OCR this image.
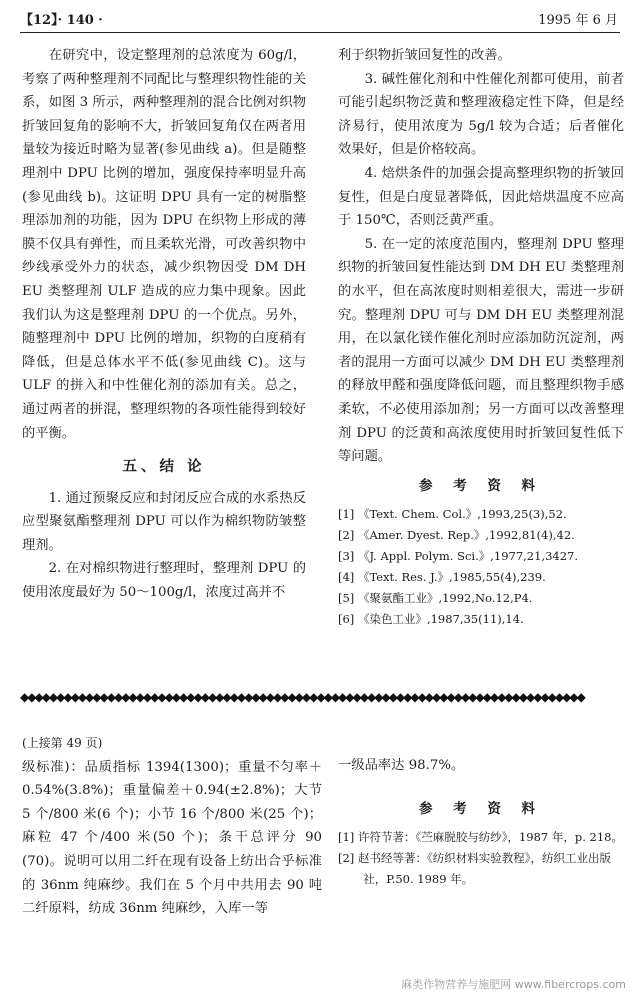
【12】· 140 ·	1995 年 6 月

在研究中，设定整理剂的总浓度为 60g/l，考察了两种整理剂不同配比与整理织物性能的关系，如图 3 所示，两种整理剂的混合比例对织物折皱回复角的影响不大，折皱回复角仅在两者用量较为接近时略为显著(参见曲线 a)。但是随整理剂中 DPU 比例的增加，强度保持率明显升高(参见曲线 b)。这证明 DPU 具有一定的树脂整理添加剂的功能，因为 DPU 在织物上形成的薄膜不仅具有弹性，而且柔软光滑，可改善织物中纱线承受外力的状态，减少织物因受 DM DH EU 类整理剂 ULF 造成的应力集中现象。因此我们认为这是整理剂 DPU 的一个优点。另外，随整理剂中 DPU 比例的增加，织物的白度稍有降低，但是总体水平不低(参见曲线 C)。这与 ULF 的拼入和中性催化剂的添加有关。总之，通过两者的拼混，整理织物的各项性能得到较好的平衡。

五、结 论

1. 通过预聚反应和封闭反应合成的水系热反应型聚氨酯整理剂 DPU 可以作为棉织物防皱整理剂。

2. 在对棉织物进行整理时，整理剂 DPU 的使用浓度最好为 50～100g/l，浓度过高并不

利于织物折皱回复性的改善。

3. 碱性催化剂和中性催化剂都可使用，前者可能引起织物泛黄和整理液稳定性下降，但是经济易行，使用浓度为 5g/l 较为合适；后者催化效果好，但是价格较高。

4. 焙烘条件的加强会提高整理织物的折皱回复性，但是白度显著降低，因此焙烘温度不应高于 150℃，否则泛黄严重。

5. 在一定的浓度范围内，整理剂 DPU 整理织物的折皱回复性能达到 DM DH EU 类整理剂的水平，但在高浓度时则相差很大，需进一步研究。整理剂 DPU 可与 DM DH EU 类整理剂混用，在以氯化镁作催化剂时应添加防沉淀剂，两者的混用一方面可以减少 DM DH EU 类整理剂的释放甲醛和强度降低问题，而且整理织物手感柔软，不必使用添加剂；另一方面可以改善整理剂 DPU 的泛黄和高浓度使用时折皱回复性低下等问题。

参 考 资 料
[1] 《Text. Chem. Col.》,1993,25(3),52.
[2] 《Amer. Dyest. Rep.》,1992,81(4),42.
[3] 《J. Appl. Polym. Sci.》,1977,21,3427.
[4] 《Text. Res. J.》,1985,55(4),239.
[5] 《聚氨酯工业》,1992,No.12,P4.
[6] 《染色工业》,1987,35(11),14.
◆◆◆◆◆◆◆◆◆◆◆◆◆◆◆◆◆◆◆◆◆◆◆◆◆◆◆◆◆◆◆◆◆◆◆◆◆◆◆◆◆◆◆◆◆◆◆◆◆◆◆◆◆◆◆◆◆◆◆◆◆◆◆◆◆◆◆◆◆◆◆◆◆◆◆◆◆◆

(上接第 49 页)

级标准)：品质指标 1394(1300)；重量不匀率＋0.54%(3.8%)；重量偏差＋0.94(±2.8%)；大节 5 个/800 米(6 个)；小节 16 个/800 米(25 个)；麻粒 47 个/400 米(50 个)；条干总评分 90 (70)。说明可以用二纤在现有设备上纺出合乎标准的 36nm 纯麻纱。我们在 5 个月中共用去 90 吨二纤原料，纺成 36nm 纯麻纱，入库一等

一级品率达 98.7%。

参 考 资 料
[1] 许符节著：《苎麻脱胶与纺纱》，1987 年，p. 218。
[2] 赵书经等著：《纺织材料实验教程》，纺织工业出版社，P.50. 1989 年。
麻类作物营养与施肥网 www.fibercrops.com
